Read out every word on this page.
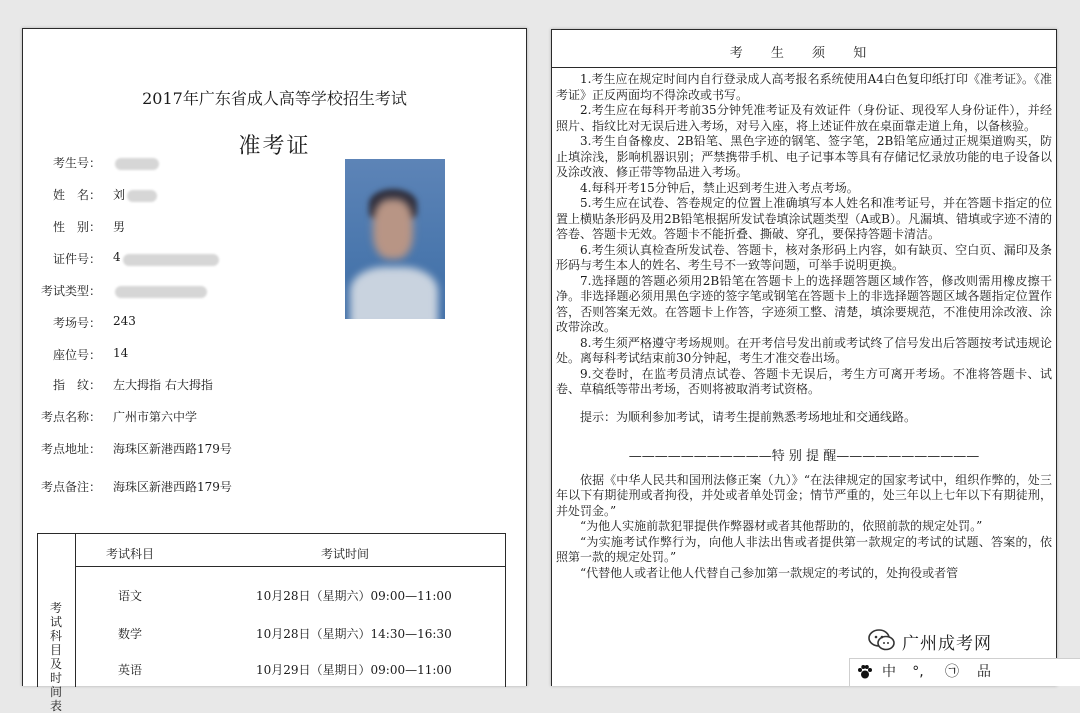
2017年广东省成人高等学校招生考试
准考证
考生号：
姓　名： 刘
性　别： 男
证件号： 4
考试类型：
考场号： 243
座位号： 14
指　纹： 左大拇指 右大拇指
考点名称： 广州市第六中学
考点地址： 海珠区新港西路179号
考点备注： 海珠区新港西路179号
考试科目及时间表
考试科目	考试时间
语文	10月28日（星期六）09:00—11:00
数学	10月28日（星期六）14:30—16:30
英语	10月29日（星期日）09:00—11:00
考 生 须 知

1.考生应在规定时间内自行登录成人高考报名系统使用A4白色复印纸打印《准考证》。《准考证》正反两面均不得涂改或书写。

2.考生应在每科开考前35分钟凭准考证及有效证件（身份证、现役军人身份证件），并经照片、指纹比对无误后进入考场，对号入座，将上述证件放在桌面靠走道上角，以备核验。

3.考生自备橡皮、2B铅笔、黑色字迹的钢笔、签字笔，2B铅笔应通过正规渠道购买，防止填涂浅，影响机器识别；严禁携带手机、电子记事本等具有存储记忆录放功能的电子设备以及涂改液、修正带等物品进入考场。

4.每科开考15分钟后，禁止迟到考生进入考点考场。

5.考生应在试卷、答卷规定的位置上准确填写本人姓名和准考证号，并在答题卡指定的位置上横贴条形码及用2B铅笔根据所发试卷填涂试题类型（A或B）。凡漏填、错填或字迹不清的答卷、答题卡无效。答题卡不能折叠、撕破、穿孔，要保持答题卡清洁。

6.考生须认真检查所发试卷、答题卡，核对条形码上内容，如有缺页、空白页、漏印及条形码与考生本人的姓名、考生号不一致等问题，可举手说明更换。

7.选择题的答题必须用2B铅笔在答题卡上的选择题答题区域作答，修改则需用橡皮擦干净。非选择题必须用黑色字迹的签字笔或钢笔在答题卡上的非选择题答题区域各题指定位置作答，否则答案无效。在答题卡上作答，字迹须工整、清楚，填涂要规范，不准使用涂改液、涂改带涂改。

8.考生须严格遵守考场规则。在开考信号发出前或考试终了信号发出后答题按考试违规论处。离每科考试结束前30分钟起，考生才准交卷出场。

9.交卷时，在监考员清点试卷、答题卡无误后，考生方可离开考场。不准将答题卡、试卷、草稿纸等带出考场，否则将被取消考试资格。

提示：为顺利参加考试，请考生提前熟悉考场地址和交通线路。

———————————特 别 提 醒———————————

依据《中华人民共和国刑法修正案（九）》“在法律规定的国家考试中，组织作弊的，处三年以下有期徒刑或者拘役，并处或者单处罚金；情节严重的，处三年以上七年以下有期徒刑，并处罚金。”

“为他人实施前款犯罪提供作弊器材或者其他帮助的，依照前款的规定处罚。”

“为实施考试作弊行为，向他人非法出售或者提供第一款规定的考试的试题、答案的，依照第一款的规定处罚。”

“代替他人或者让他人代替自己参加第一款规定的考试的，处拘役或者管

广州成考网
中	°,	㉠ 品
